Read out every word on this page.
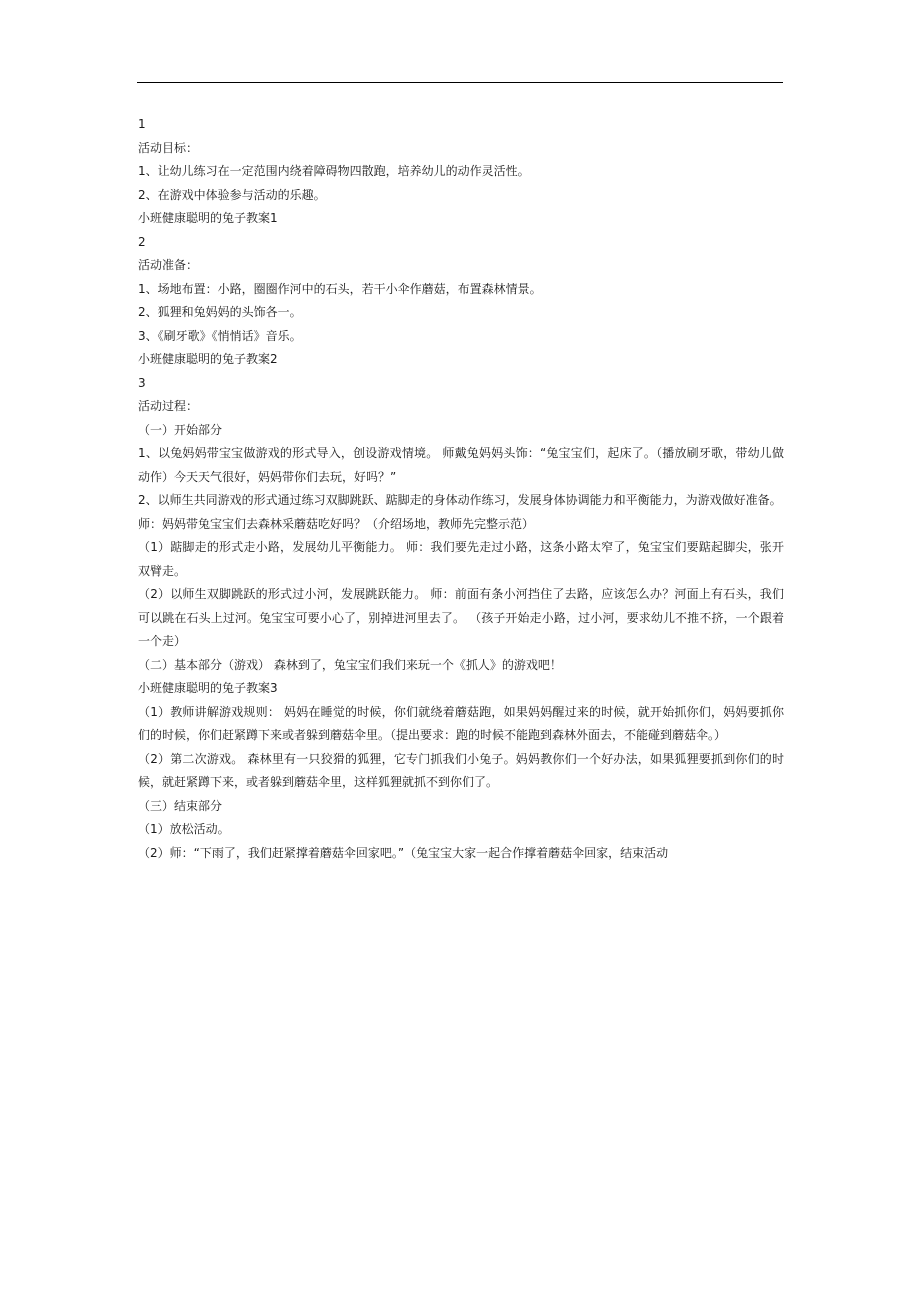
1

活动目标：

1、让幼儿练习在一定范围内绕着障碍物四散跑，培养幼儿的动作灵活性。

2、在游戏中体验参与活动的乐趣。

小班健康聪明的兔子教案1

2

活动准备：

1、场地布置：小路，圈圈作河中的石头，若干小伞作蘑菇，布置森林情景。

2、狐狸和兔妈妈的头饰各一。

3、《刷牙歌》《悄悄话》音乐。

小班健康聪明的兔子教案2

3

活动过程：

（一）开始部分

1、以兔妈妈带宝宝做游戏的形式导入，创设游戏情境。 师戴兔妈妈头饰：“兔宝宝们，起床了。（播放刷牙歌，带幼儿做动作）今天天气很好，妈妈带你们去玩，好吗？”

2、以师生共同游戏的形式通过练习双脚跳跃、踮脚走的身体动作练习，发展身体协调能力和平衡能力，为游戏做好准备。

师：妈妈带兔宝宝们去森林采蘑菇吃好吗？（介绍场地，教师先完整示范）

（1）踮脚走的形式走小路，发展幼儿平衡能力。 师：我们要先走过小路，这条小路太窄了，兔宝宝们要踮起脚尖，张开双臂走。

（2）以师生双脚跳跃的形式过小河，发展跳跃能力。 师：前面有条小河挡住了去路，应该怎么办？河面上有石头，我们可以跳在石头上过河。兔宝宝可要小心了，别掉进河里去了。 （孩子开始走小路，过小河，要求幼儿不推不挤，一个跟着一个走）

（二）基本部分（游戏） 森林到了，兔宝宝们我们来玩一个《抓人》的游戏吧！

小班健康聪明的兔子教案3

（1）教师讲解游戏规则： 妈妈在睡觉的时候，你们就绕着蘑菇跑，如果妈妈醒过来的时候，就开始抓你们，妈妈要抓你们的时候，你们赶紧蹲下来或者躲到蘑菇伞里。（提出要求：跑的时候不能跑到森林外面去，不能碰到蘑菇伞。）

（2）第二次游戏。 森林里有一只狡猾的狐狸，它专门抓我们小兔子。妈妈教你们一个好办法，如果狐狸要抓到你们的时候，就赶紧蹲下来，或者躲到蘑菇伞里，这样狐狸就抓不到你们了。

（三）结束部分

（1）放松活动。

（2）师：“下雨了，我们赶紧撑着蘑菇伞回家吧。”（兔宝宝大家一起合作撑着蘑菇伞回家，结束活动
